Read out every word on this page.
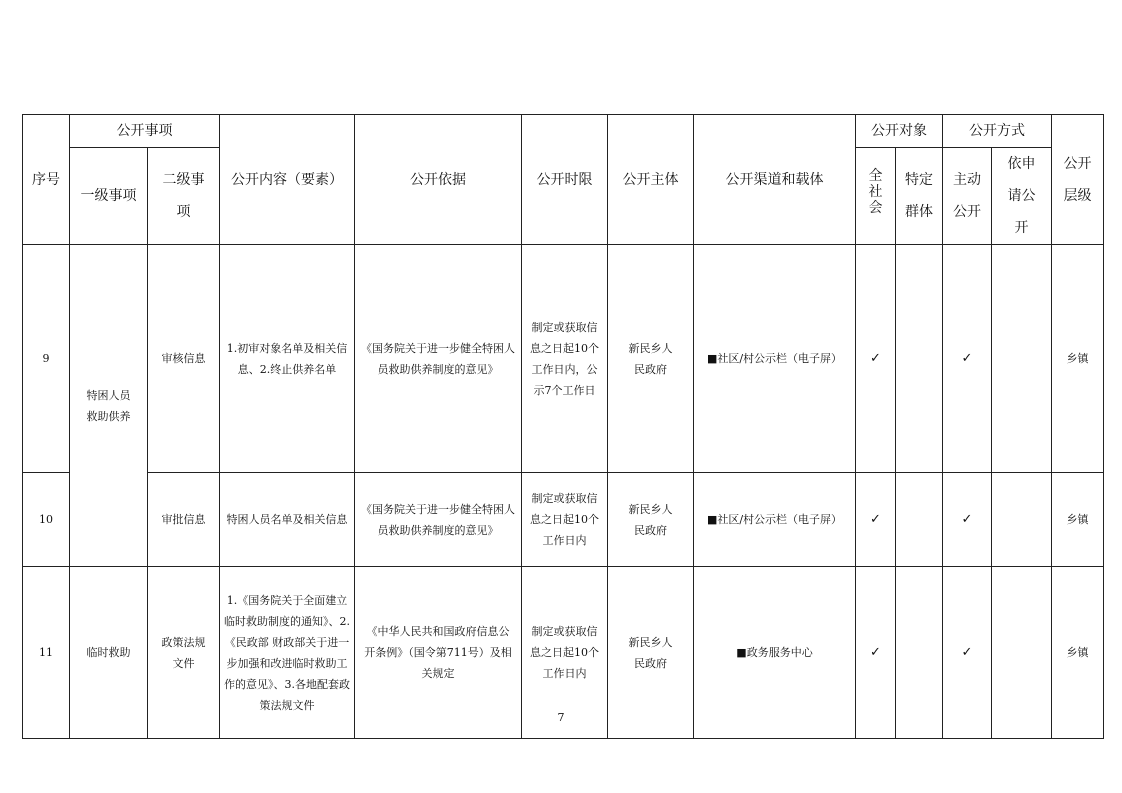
序号	公开事项		公开内容（要素）	公开依据	公开时限	公开主体	公开渠道和载体	公开对象		公开方式		公开层级
	一级事项	二级事项						全社会	特定群体	主动公开	依申请公开	
9	特困人员救助供养	审核信息	1.初审对象名单及相关信息、2.终止供养名单	《国务院关于进一步健全特困人员救助供养制度的意见》	制定或获取信息之日起10个工作日内，公示7个工作日	新民乡人民政府	■社区/村公示栏（电子屏）	✓		✓		乡镇
10		审批信息	特困人员名单及相关信息	《国务院关于进一步健全特困人员救助供养制度的意见》	制定或获取信息之日起10个工作日内	新民乡人民政府	■社区/村公示栏（电子屏）	✓		✓		乡镇
11	临时救助	政策法规文件	1.《国务院关于全面建立临时救助制度的通知》、2.《民政部 财政部关于进一步加强和改进临时救助工作的意见》、3.各地配套政策法规文件	《中华人民共和国政府信息公开条例》（国令第711号）及相关规定	制定或获取信息之日起10个工作日内	新民乡人民政府	■政务服务中心	✓		✓		乡镇
7
